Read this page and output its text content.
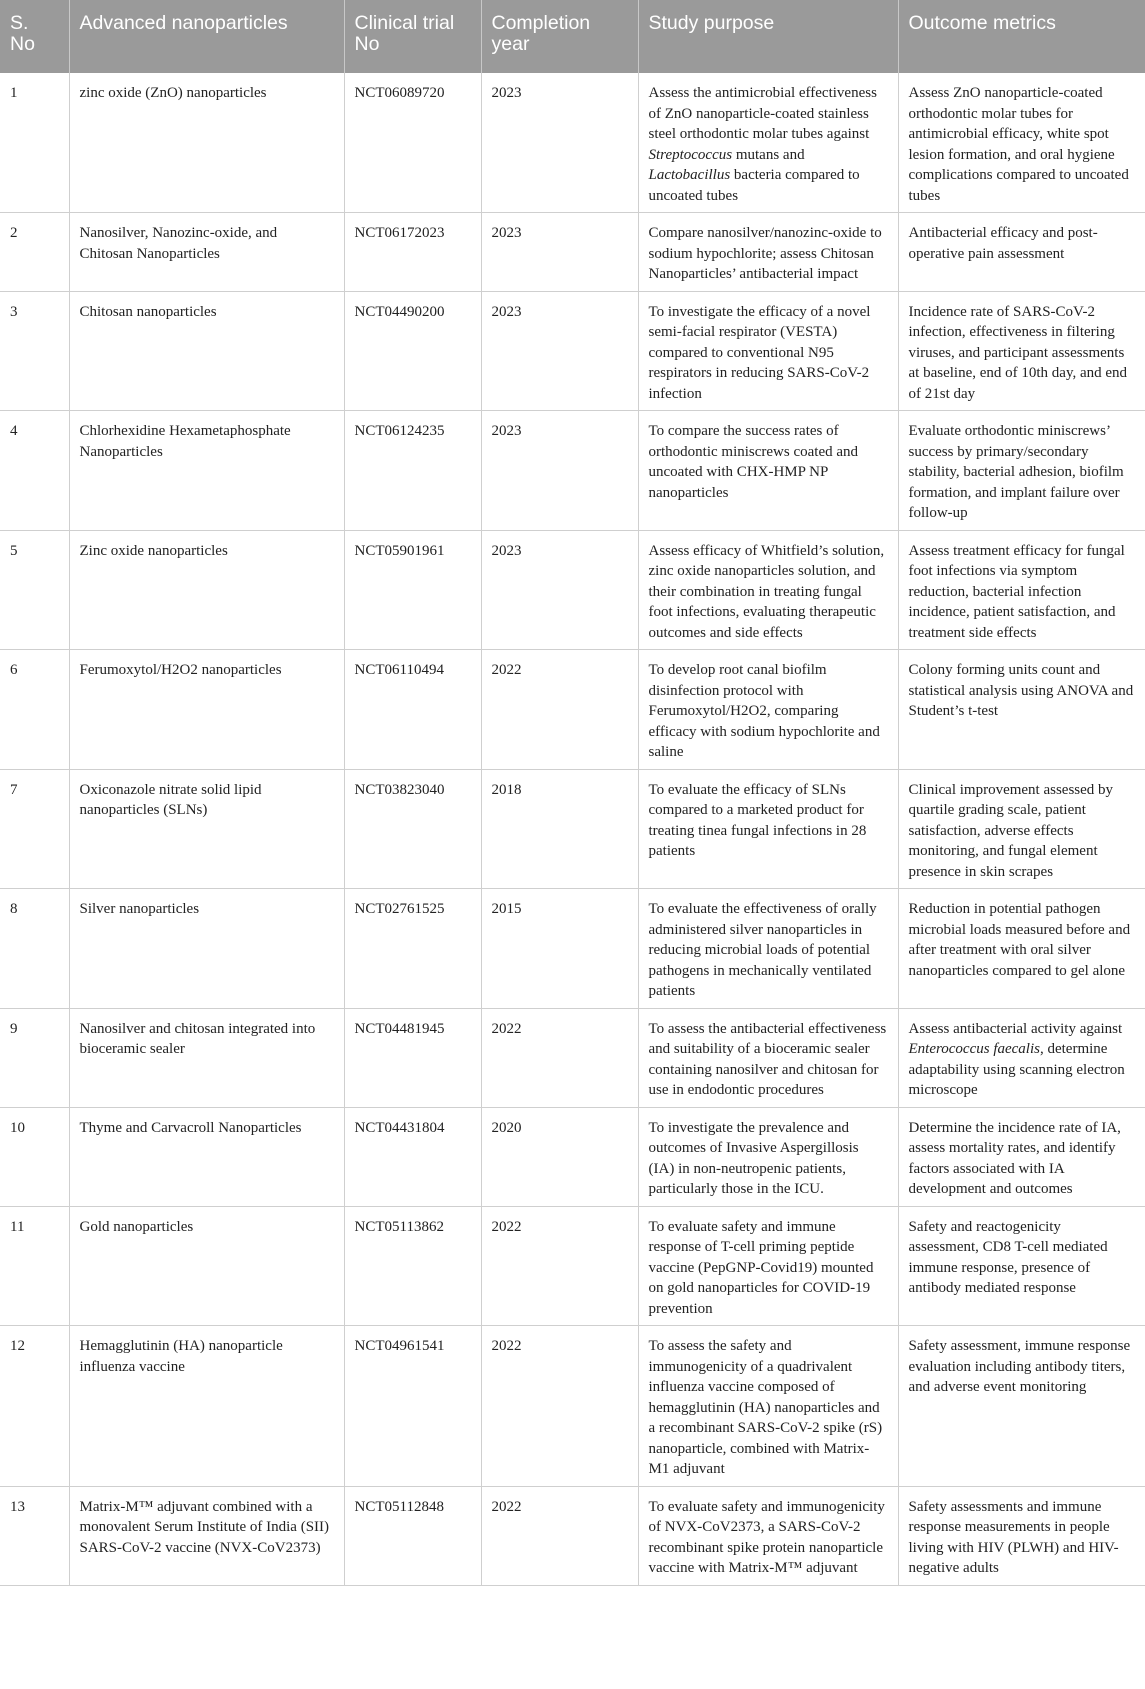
S. No	Advanced nanoparticles	Clinical trial No	Completion year	Study purpose	Outcome metrics
1	zinc oxide (ZnO) nanoparticles	NCT06089720	2023	Assess the antimicrobial effectiveness of ZnO nanoparticle-coated stainless steel orthodontic molar tubes against Streptococcus mutans and Lactobacillus bacteria compared to uncoated tubes	Assess ZnO nanoparticle-coated orthodontic molar tubes for antimicrobial efficacy, white spot lesion formation, and oral hygiene complications compared to uncoated tubes
2	Nanosilver, Nanozinc-oxide, and Chitosan Nanoparticles	NCT06172023	2023	Compare nanosilver/nanozinc-oxide to sodium hypochlorite; assess Chitosan Nanoparticles’ antibacterial impact	Antibacterial efficacy and post-operative pain assessment
3	Chitosan nanoparticles	NCT04490200	2023	To investigate the efficacy of a novel semi-facial respirator (VESTA) compared to conventional N95 respirators in reducing SARS-CoV-2 infection	Incidence rate of SARS-CoV-2 infection, effectiveness in filtering viruses, and participant assessments at baseline, end of 10th day, and end of 21st day
4	Chlorhexidine Hexametaphosphate Nanoparticles	NCT06124235	2023	To compare the success rates of orthodontic miniscrews coated and uncoated with CHX-HMP NP nanoparticles	Evaluate orthodontic miniscrews’ success by primary/secondary stability, bacterial adhesion, biofilm formation, and implant failure over follow-up
5	Zinc oxide nanoparticles	NCT05901961	2023	Assess efficacy of Whitfield’s solution, zinc oxide nanoparticles solution, and their combination in treating fungal foot infections, evaluating therapeutic outcomes and side effects	Assess treatment efficacy for fungal foot infections via symptom reduction, bacterial infection incidence, patient satisfaction, and treatment side effects
6	Ferumoxytol/H2O2 nanoparticles	NCT06110494	2022	To develop root canal biofilm disinfection protocol with Ferumoxytol/H2O2, comparing efficacy with sodium hypochlorite and saline	Colony forming units count and statistical analysis using ANOVA and Student’s t-test
7	Oxiconazole nitrate solid lipid nanoparticles (SLNs)	NCT03823040	2018	To evaluate the efficacy of SLNs compared to a marketed product for treating tinea fungal infections in 28 patients	Clinical improvement assessed by quartile grading scale, patient satisfaction, adverse effects monitoring, and fungal element presence in skin scrapes
8	Silver nanoparticles	NCT02761525	2015	To evaluate the effectiveness of orally administered silver nanoparticles in reducing microbial loads of potential pathogens in mechanically ventilated patients	Reduction in potential pathogen microbial loads measured before and after treatment with oral silver nanoparticles compared to gel alone
9	Nanosilver and chitosan integrated into bioceramic sealer	NCT04481945	2022	To assess the antibacterial effectiveness and suitability of a bioceramic sealer containing nanosilver and chitosan for use in endodontic procedures	Assess antibacterial activity against Enterococcus faecalis, determine adaptability using scanning electron microscope
10	Thyme and Carvacroll Nanoparticles	NCT04431804	2020	To investigate the prevalence and outcomes of Invasive Aspergillosis (IA) in non-neutropenic patients, particularly those in the ICU.	Determine the incidence rate of IA, assess mortality rates, and identify factors associated with IA development and outcomes
11	Gold nanoparticles	NCT05113862	2022	To evaluate safety and immune response of T-cell priming peptide vaccine (PepGNP-Covid19) mounted on gold nanoparticles for COVID-19 prevention	Safety and reactogenicity assessment, CD8 T-cell mediated immune response, presence of antibody mediated response
12	Hemagglutinin (HA) nanoparticle influenza vaccine	NCT04961541	2022	To assess the safety and immunogenicity of a quadrivalent influenza vaccine composed of hemagglutinin (HA) nanoparticles and a recombinant SARS-CoV-2 spike (rS) nanoparticle, combined with Matrix-M1 adjuvant	Safety assessment, immune response evaluation including antibody titers, and adverse event monitoring
13	Matrix-M™ adjuvant combined with a monovalent Serum Institute of India (SII) SARS-CoV-2 vaccine (NVX-CoV2373)	NCT05112848	2022	To evaluate safety and immunogenicity of NVX-CoV2373, a SARS-CoV-2 recombinant spike protein nanoparticle vaccine with Matrix-M™ adjuvant	Safety assessments and immune response measurements in people living with HIV (PLWH) and HIV-negative adults
